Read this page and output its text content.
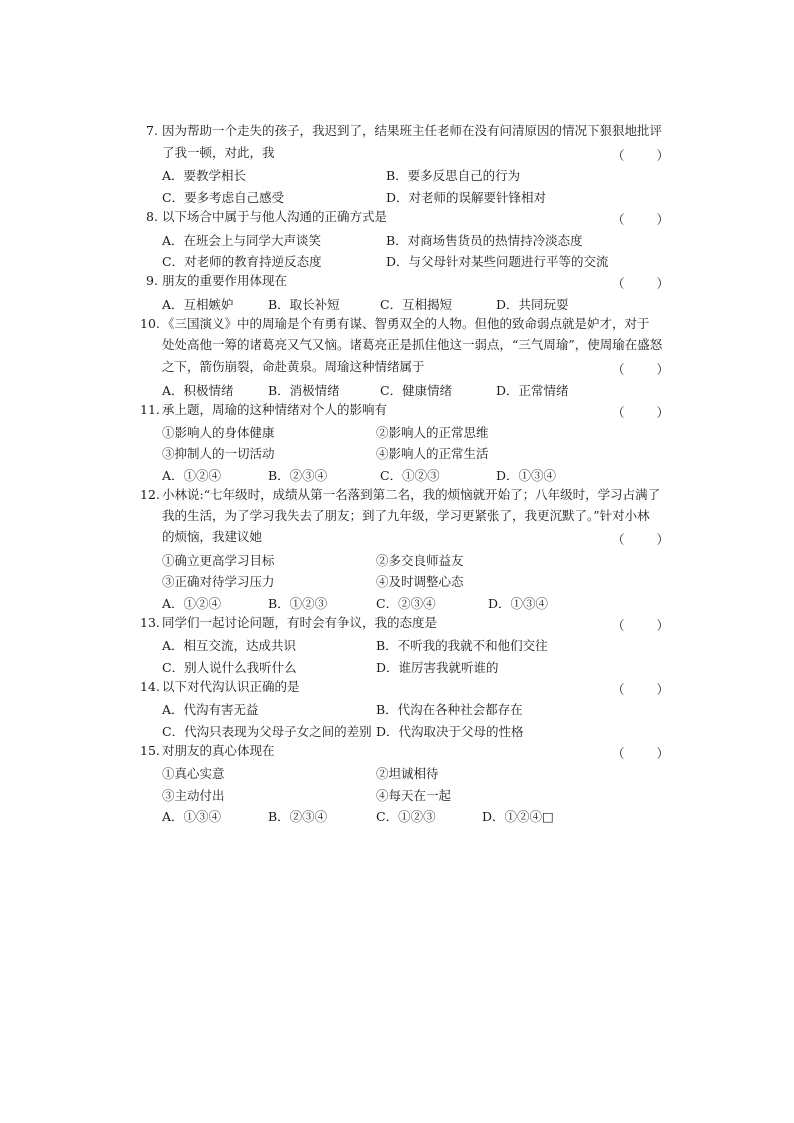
7. 因为帮助一个走失的孩子，我迟到了，结果班主任老师在没有问清原因的情况下狠狠地批评
了我一顿，对此，我	（ ）
A．要教学相长	B．要多反思自己的行为
C．要多考虑自己感受	D．对老师的误解要针锋相对
8. 以下场合中属于与他人沟通的正确方式是	（ ）
A．在班会上与同学大声谈笑	B．对商场售货员的热情持冷淡态度
C．对老师的教育持逆反态度	D．与父母针对某些问题进行平等的交流
9. 朋友的重要作用体现在	（ ）
A．互相嫉妒	B．取长补短	C．互相揭短	D．共同玩耍
10. 《三国演义》中的周瑜是个有勇有谋、智勇双全的人物。但他的致命弱点就是妒才，对于
处处高他一筹的诸葛亮又气又恼。诸葛亮正是抓住他这一弱点，“三气周瑜”，使周瑜在盛怒
之下，箭伤崩裂，命赴黄泉。周瑜这种情绪属于	（ ）
A．积极情绪	B．消极情绪	C．健康情绪	D．正常情绪
11. 承上题，周瑜的这种情绪对个人的影响有	（ ）
①影响人的身体健康	②影响人的正常思维
③抑制人的一切活动	④影响人的正常生活
A．①②④	B．②③④	C．①②③	D．①③④
12. 小林说:“七年级时，成绩从第一名落到第二名，我的烦恼就开始了；八年级时，学习占满了
我的生活，为了学习我失去了朋友；到了九年级，学习更紧张了，我更沉默了。”针对小林
的烦恼，我建议她	（ ）
①确立更高学习目标	②多交良师益友
③正确对待学习压力	④及时调整心态
A．①②④	B．①②③	C．②③④	D．①③④
13. 同学们一起讨论问题，有时会有争议，我的态度是	（ ）
A．相互交流，达成共识	B．不听我的我就不和他们交往
C．别人说什么我听什么	D．谁厉害我就听谁的
14. 以下对代沟认识正确的是	（ ）
A．代沟有害无益	B．代沟在各种社会都存在
C．代沟只表现为父母子女之间的差别 D．代沟取决于父母的性格
15. 对朋友的真心体现在	（ ）
①真心实意	②坦诚相待
③主动付出	④每天在一起
A．①③④	B．②③④	C．①②③	D．①②④□
